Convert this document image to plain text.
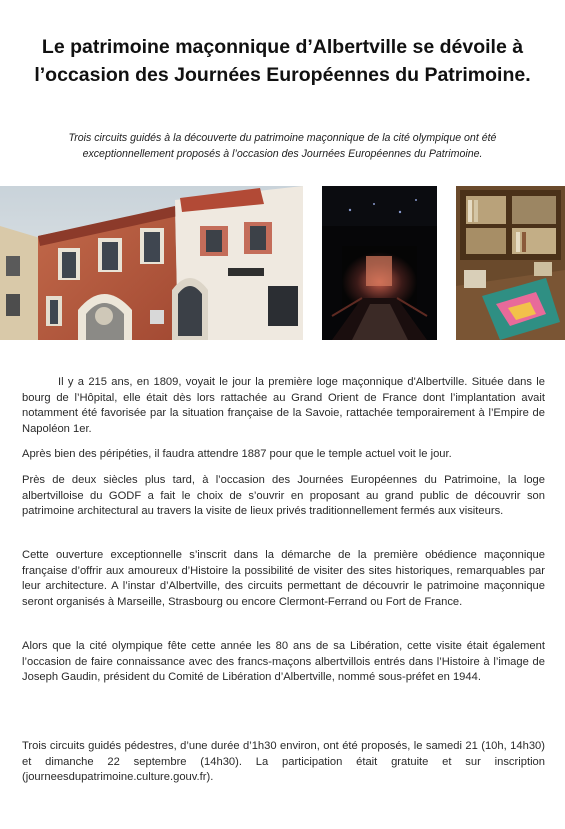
Le patrimoine maçonnique d’Albertville se dévoile à l’occasion des Journées Européennes du Patrimoine.

Trois circuits guidés à la découverte du patrimoine maçonnique de la cité olympique ont été exceptionnellement proposés à l’occasion des Journées Européennes du Patrimoine.

Il y a 215 ans, en 1809, voyait le jour la première loge maçonnique d'Albertville. Située dans le bourg de l’Hôpital, elle était dès lors rattachée au Grand Orient de France dont l’implantation avait notamment été favorisée par la situation française de la Savoie, rattachée temporairement à l’Empire de Napoléon 1er.

Après bien des péripéties, il faudra attendre 1887 pour que le temple actuel voit le jour.

Près de deux siècles plus tard, à l’occasion des Journées Européennes du Patrimoine, la loge albertvilloise du GODF a fait le choix de s’ouvrir en proposant au grand public de découvrir son patrimoine architectural au travers la visite de lieux privés traditionnellement fermés aux visiteurs.

Cette ouverture exceptionnelle s’inscrit dans la démarche de la première obédience maçonnique française d’offrir aux amoureux d’Histoire la possibilité de visiter des sites historiques, remarquables par leur architecture. A l’instar d’Albertville, des circuits permettant de découvrir le patrimoine maçonnique seront organisés à Marseille, Strasbourg ou encore Clermont-Ferrand ou Fort de France.

Alors que la cité olympique fête cette année les 80 ans de sa Libération, cette visite était également l’occasion de faire connaissance avec des francs-maçons albertvillois entrés dans l’Histoire à l’image de Joseph Gaudin, président du Comité de Libération d’Albertville, nommé sous-préfet en 1944.

Trois circuits guidés pédestres, d’une durée d’1h30 environ, ont été proposés, le samedi 21 (10h, 14h30) et dimanche 22 septembre (14h30). La participation était gratuite et sur inscription (journeesdupatrimoine.culture.gouv.fr).
